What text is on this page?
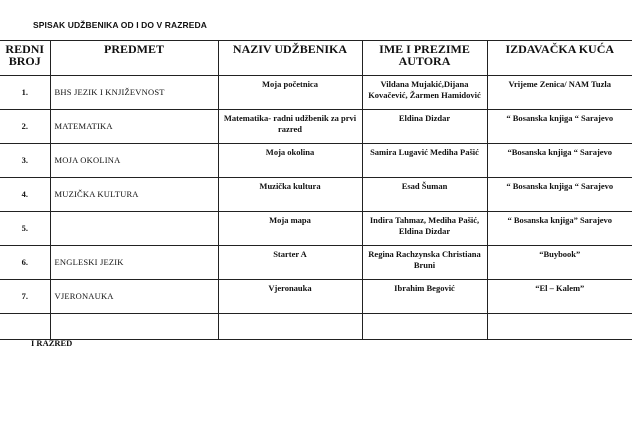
SPISAK UDŽBENIKA OD I DO V RAZREDA
REDNI BROJ	PREDMET	NAZIV UDŽBENIKA	IME I PREZIME AUTORA	IZDAVAČKA KUĆA
1.	BHS JEZIK I KNJIŽEVNOST	Moja početnica	Vildana Mujakić,Dijana Kovačević, Žarmen Hamidović	Vrijeme Zenica/ NAM Tuzla
2.	MATEMATIKA	Matematika- radni udžbenik za prvi razred	Eldina Dizdar	“ Bosanska knjiga “ Sarajevo
3.	MOJA OKOLINA	Moja okolina	Samira Lugavić Mediha Pašić	“Bosanska knjiga “ Sarajevo
4.	MUZIČKA KULTURA	Muzička kultura	Esad Šuman	“ Bosanska knjiga “ Sarajevo
5.		Moja mapa	Indira Tahmaz, Mediha Pašić, Eldina Dizdar	“ Bosanska knjiga” Sarajevo
6.	ENGLESKI JEZIK	Starter A	Regina Rachzynska Christiana Bruni	“Buybook”
7.	VJERONAUKA	Vjeronauka	Ibrahim Begović	“El – Kalem”

I RAZRED
